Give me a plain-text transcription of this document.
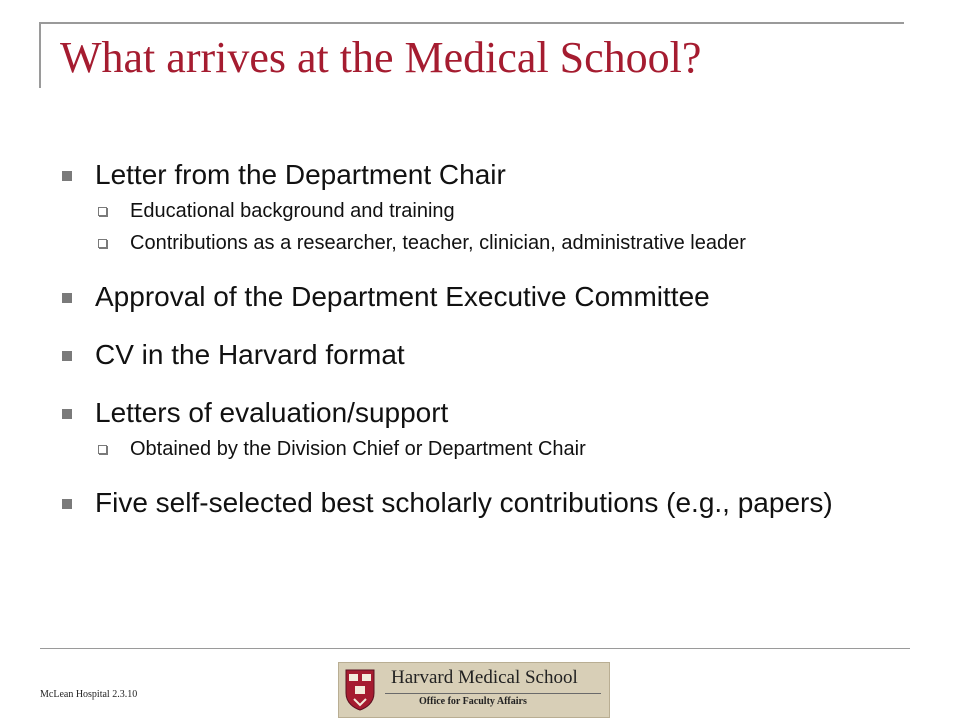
What arrives at the Medical School?
Letter from the Department Chair
Educational background and training
Contributions as a researcher, teacher, clinician, administrative leader
Approval of the Department Executive Committee
CV in the Harvard format
Letters of evaluation/support
Obtained by the Division Chief or Department Chair
Five self-selected best scholarly contributions (e.g., papers)
McLean Hospital 2.3.10
Harvard Medical School
Office for Faculty Affairs
